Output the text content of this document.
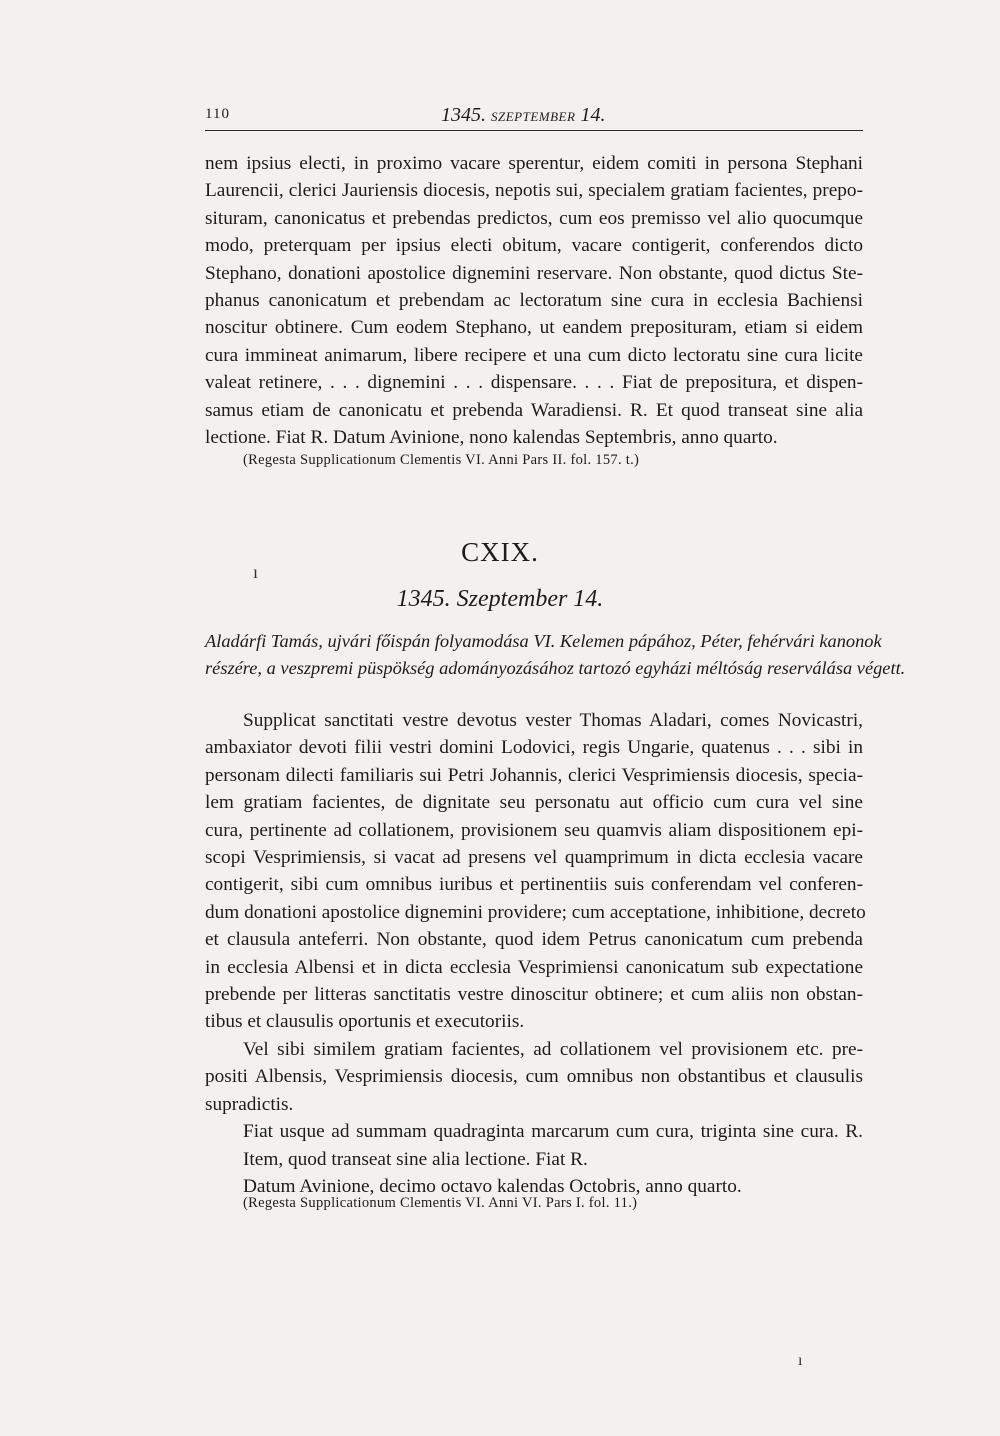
110	1345. SZEPTEMBER 14.

nem ipsius electi, in proximo vacare sperentur, eidem comiti in persona Stephani
Laurencii, clerici Jauriensis diocesis, nepotis sui, specialem gratiam facientes, prepo-
situram, canonicatus et prebendas predictos, cum eos premisso vel alio quocumque
modo, preterquam per ipsius electi obitum, vacare contigerit, conferendos dicto
Stephano, donationi apostolice dignemini reservare. Non obstante, quod dictus Ste-
phanus canonicatum et prebendam ac lectoratum sine cura in ecclesia Bachiensi
noscitur obtinere. Cum eodem Stephano, ut eandem preposituram, etiam si eidem
cura immineat animarum, libere recipere et una cum dicto lectoratu sine cura licite
valeat retinere, . . . dignemini . . . dispensare. . . . Fiat de prepositura, et dispen-
samus etiam de canonicatu et prebenda Waradiensi. R. Et quod transeat sine alia
lectione. Fiat R. Datum Avinione, nono kalendas Septembris, anno quarto.

(Regesta Supplicationum Clementis VI. Anni Pars II. fol. 157. t.)
CXIX.
ı
1345. Szeptember 14.
Aladárfi Tamás, ujvári főispán folyamodása VI. Kelemen pápához, Péter, fehérvári kanonok
részére, a veszpremi püspökség adományozásához tartozó egyházi méltóság reserválása végett.

Supplicat sanctitati vestre devotus vester Thomas Aladari, comes Novicastri,
ambaxiator devoti filii vestri domini Lodovici, regis Ungarie, quatenus . . . sibi in
personam dilecti familiaris sui Petri Johannis, clerici Vesprimiensis diocesis, specia-
lem gratiam facientes, de dignitate seu personatu aut officio cum cura vel sine
cura, pertinente ad collationem, provisionem seu quamvis aliam dispositionem epi-
scopi Vesprimiensis, si vacat ad presens vel quamprimum in dicta ecclesia vacare
contigerit, sibi cum omnibus iuribus et pertinentiis suis conferendam vel conferen-
dum donationi apostolice dignemini providere; cum acceptatione, inhibitione, decreto
et clausula anteferri. Non obstante, quod idem Petrus canonicatum cum prebenda
in ecclesia Albensi et in dicta ecclesia Vesprimiensi canonicatum sub expectatione
prebende per litteras sanctitatis vestre dinoscitur obtinere; et cum aliis non obstan-
tibus et clausulis oportunis et executoriis.

Vel sibi similem gratiam facientes, ad collationem vel provisionem etc. pre-
positi Albensis, Vesprimiensis diocesis, cum omnibus non obstantibus et clausulis
supradictis.

Fiat usque ad summam quadraginta marcarum cum cura, triginta sine cura. R.
Item, quod transeat sine alia lectione. Fiat R.
Datum Avinione, decimo octavo kalendas Octobris, anno quarto.

(Regesta Supplicationum Clementis VI. Anni VI. Pars I. fol. 11.)
ı
